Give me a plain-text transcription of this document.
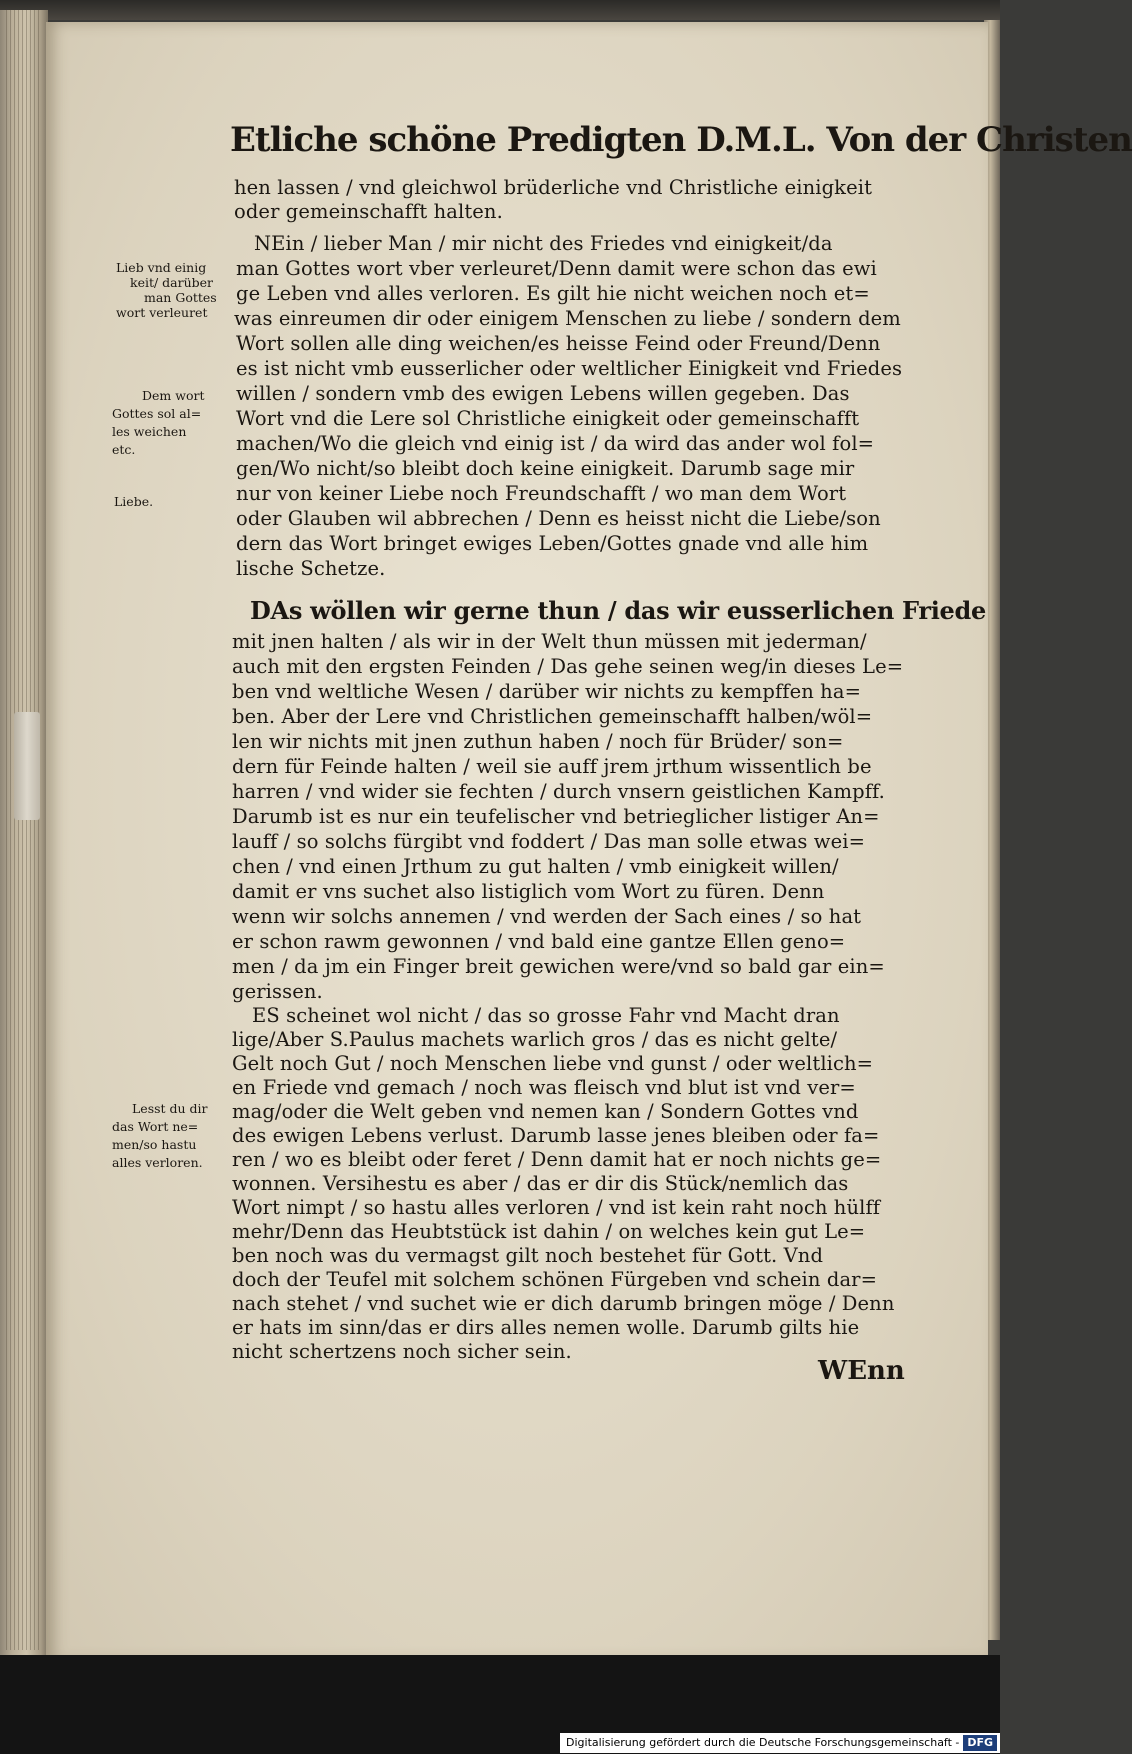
Etliche schöne Predigten D.M.L. Von der Christen
hen lassen / vnd gleichwol brüderliche vnd Christliche einigkeit
oder gemeinschafft halten.
NEin / lieber Man / mir nicht des Friedes vnd einigkeit/da
man Gottes wort vber verleuret/Denn damit were schon das ewi
ge Leben vnd alles verloren. Es gilt hie nicht weichen noch et=
was einreumen dir oder einigem Menschen zu liebe / sondern dem
Wort sollen alle ding weichen/es heisse Feind oder Freund/Denn
es ist nicht vmb eusserlicher oder weltlicher Einigkeit vnd Friedes
willen / sondern vmb des ewigen Lebens willen gegeben. Das
Wort vnd die Lere sol Christliche einigkeit oder gemeinschafft
machen/Wo die gleich vnd einig ist / da wird das ander wol fol=
gen/Wo nicht/so bleibt doch keine einigkeit. Darumb sage mir
nur von keiner Liebe noch Freundschafft / wo man dem Wort
oder Glauben wil abbrechen / Denn es heisst nicht die Liebe/son
dern das Wort bringet ewiges Leben/Gottes gnade vnd alle him
lische Schetze.
DAs wöllen wir gerne thun / das wir eusserlichen Friede
mit jnen halten / als wir in der Welt thun müssen mit jederman/
auch mit den ergsten Feinden / Das gehe seinen weg/in dieses Le=
ben vnd weltliche Wesen / darüber wir nichts zu kempffen ha=
ben. Aber der Lere vnd Christlichen gemeinschafft halben/wöl=
len wir nichts mit jnen zuthun haben / noch für Brüder/ son=
dern für Feinde halten / weil sie auff jrem jrthum wissentlich be
harren / vnd wider sie fechten / durch vnsern geistlichen Kampff.
Darumb ist es nur ein teufelischer vnd betrieglicher listiger An=
lauff / so solchs fürgibt vnd foddert / Das man solle etwas wei=
chen / vnd einen Jrthum zu gut halten / vmb einigkeit willen/
damit er vns suchet also listiglich vom Wort zu füren. Denn
wenn wir solchs annemen / vnd werden der Sach eines / so hat
er schon rawm gewonnen / vnd bald eine gantze Ellen geno=
men / da jm ein Finger breit gewichen were/vnd so bald gar ein=
gerissen.
ES scheinet wol nicht / das so grosse Fahr vnd Macht dran
lige/Aber S.Paulus machets warlich gros / das es nicht gelte/
Gelt noch Gut / noch Menschen liebe vnd gunst / oder weltlich=
en Friede vnd gemach / noch was fleisch vnd blut ist vnd ver=
mag/oder die Welt geben vnd nemen kan / Sondern Gottes vnd
des ewigen Lebens verlust. Darumb lasse jenes bleiben oder fa=
ren / wo es bleibt oder feret / Denn damit hat er noch nichts ge=
wonnen. Versihestu es aber / das er dir dis Stück/nemlich das
Wort nimpt / so hastu alles verloren / vnd ist kein raht noch hülff
mehr/Denn das Heubtstück ist dahin / on welches kein gut Le=
ben noch was du vermagst gilt noch bestehet für Gott. Vnd
doch der Teufel mit solchem schönen Fürgeben vnd schein dar=
nach stehet / vnd suchet wie er dich darumb bringen möge / Denn
er hats im sinn/das er dirs alles nemen wolle. Darumb gilts hie
nicht schertzens noch sicher sein.
WEnn
Lieb vnd einig
keit/ darüber
man Gottes
wort verleuret
Dem wort
Gottes sol al=
les weichen
etc.
Liebe.
Lesst du dir
das Wort ne=
men/so hastu
alles verloren.
Digitalisierung gefördert durch die Deutsche Forschungsgemeinschaft - DFG
